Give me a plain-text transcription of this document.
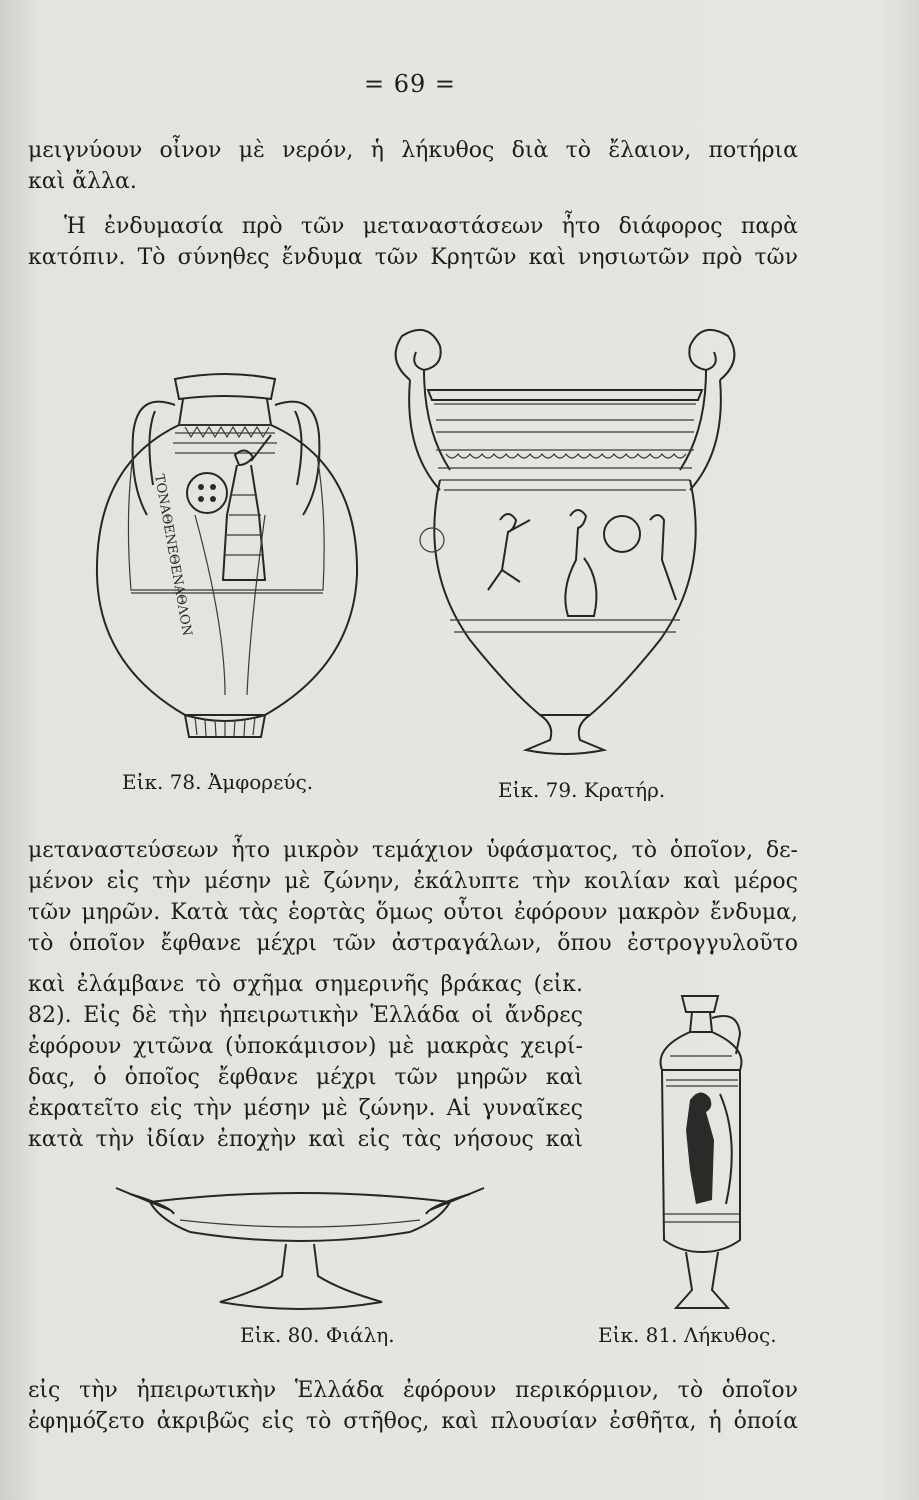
= 69 =
μειγνύουν οἶνον μὲ νερόν, ἡ λήκυθος διὰ τὸ ἔλαιον, ποτήρια
καὶ ἄλλα.
Ἡ ἐνδυμασία πρὸ τῶν μεταναστάσεων ἦτο διάφορος παρὰ
κατόπιν. Τὸ σύνηθες ἔνδυμα τῶν Κρητῶν καὶ νησιωτῶν πρὸ τῶν
ΤΟΝΑΘΕΝΕΘΕΝΑΘΛΟΝ
Εἰκ. 78. Ἀμφορεύς.	Εἰκ. 79. Κρατήρ.
μεταναστεύσεων ἦτο μικρὸν τεμάχιον ὑφάσματος, τὸ ὁποῖον, δε-
μένον εἰς τὴν μέσην μὲ ζώνην, ἐκάλυπτε τὴν κοιλίαν καὶ μέρος
τῶν μηρῶν. Κατὰ τὰς ἑορτὰς ὅμως οὗτοι ἐφόρουν μακρὸν ἔνδυμα,
τὸ ὁποῖον ἔφθανε μέχρι τῶν ἀστραγάλων, ὅπου ἐστρογγυλοῦτο
καὶ ἐλάμβανε τὸ σχῆμα σημερινῆς βράκας (εἰκ.
82). Εἰς δὲ τὴν ἠπειρωτικὴν Ἑλλάδα οἱ ἄνδρες
ἐφόρουν χιτῶνα (ὑποκάμισον) μὲ μακρὰς χειρί-
δας, ὁ ὁποῖος ἔφθανε μέχρι τῶν μηρῶν καὶ
ἐκρατεῖτο εἰς τὴν μέσην μὲ ζώνην. Αἱ γυναῖκες
κατὰ τὴν ἰδίαν ἐποχὴν καὶ εἰς τὰς νήσους καὶ
Εἰκ. 80. Φιάλη.	Εἰκ. 81. Λήκυθος.
εἰς τὴν ἠπειρωτικὴν Ἑλλάδα ἐφόρουν περικόρμιον, τὸ ὁποῖον
ἐφημόζετο ἀκριβῶς εἰς τὸ στῆθος, καὶ πλουσίαν ἐσθῆτα, ἡ ὁποία
